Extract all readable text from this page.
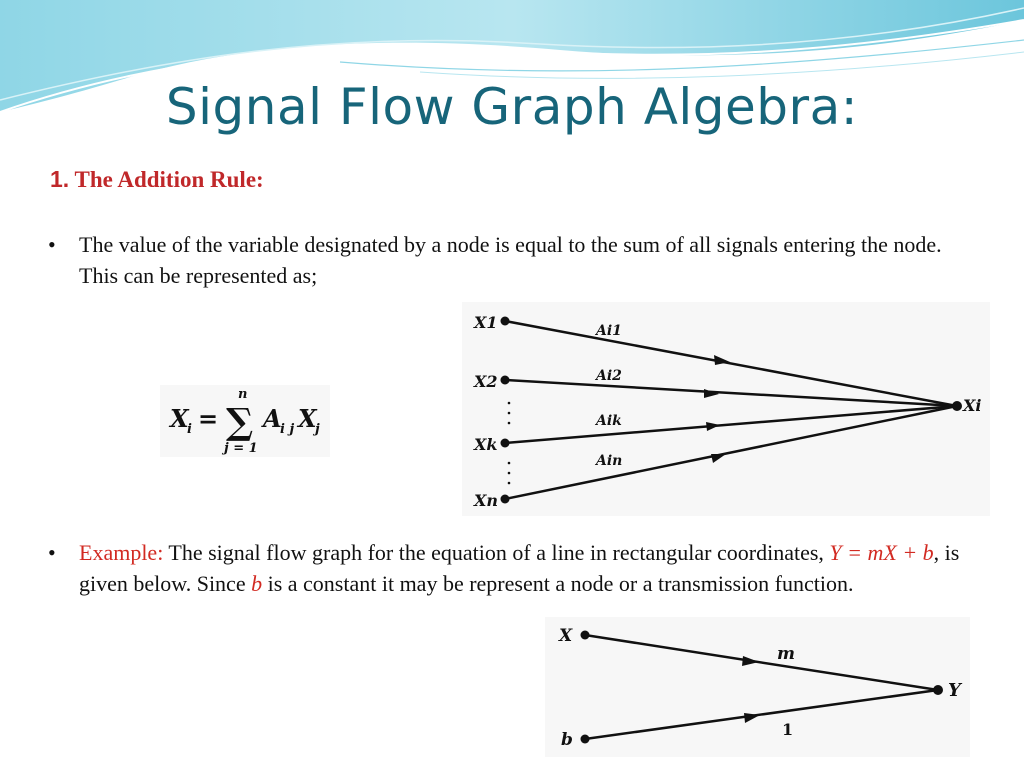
Signal Flow Graph Algebra:
1. The Addition Rule:
• The value of the variable designated by a node is equal to the sum of all signals entering the node. This can be represented as;
X
i = ∑
n
j = 1
A
i j X
j
X1
X2
Xk
Xn
Xi
Ai1
Ai2
Aik
Ain
• Example: The signal flow graph for the equation of a line in rectangular coordinates, Y = mX + b, is given below. Since b is a constant it may be represent a node or a transmission function.
X
b
Y
m
1
